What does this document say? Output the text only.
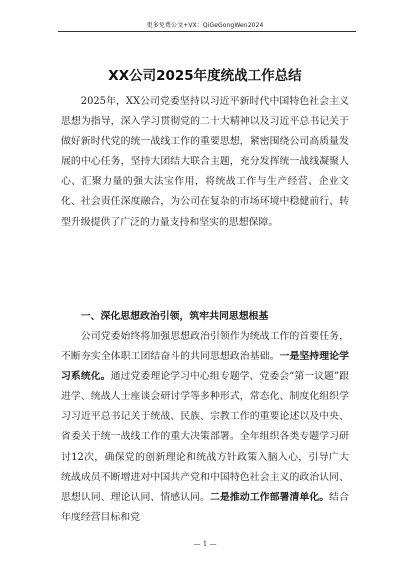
更多免费公文+VX：QiGeGongWen2024
XX公司2025年度统战工作总结

2025年，XX公司党委坚持以习近平新时代中国特色社会主义思想为指导，深入学习贯彻党的二十大精神以及习近平总书记关于做好新时代党的统一战线工作的重要思想，紧密围绕公司高质量发展的中心任务，坚持大团结大联合主题，充分发挥统一战线凝聚人心、汇聚力量的强大法宝作用，将统战工作与生产经营、企业文化、社会责任深度融合，为公司在复杂的市场环境中稳健前行、转型升级提供了广泛的力量支持和坚实的思想保障。

一、深化思想政治引领，筑牢共同思想根基

公司党委始终将加强思想政治引领作为统战工作的首要任务，不断夯实全体职工团结奋斗的共同思想政治基础。一是坚持理论学习系统化。通过党委理论学习中心组专题学、党委会“第一议题”跟进学、统战人士座谈会研讨学等多种形式，常态化、制度化组织学习习近平总书记关于统战、民族、宗教工作的重要论述以及中央、省委关于统一战线工作的重大决策部署。全年组织各类专题学习研讨12次，确保党的创新理论和统战方针政策入脑入心，引导广大统战成员不断增进对中国共产党和中国特色社会主义的政治认同、思想认同、理论认同、情感认同。二是推动工作部署清单化。结合年度经营目标和党

— 1 —
